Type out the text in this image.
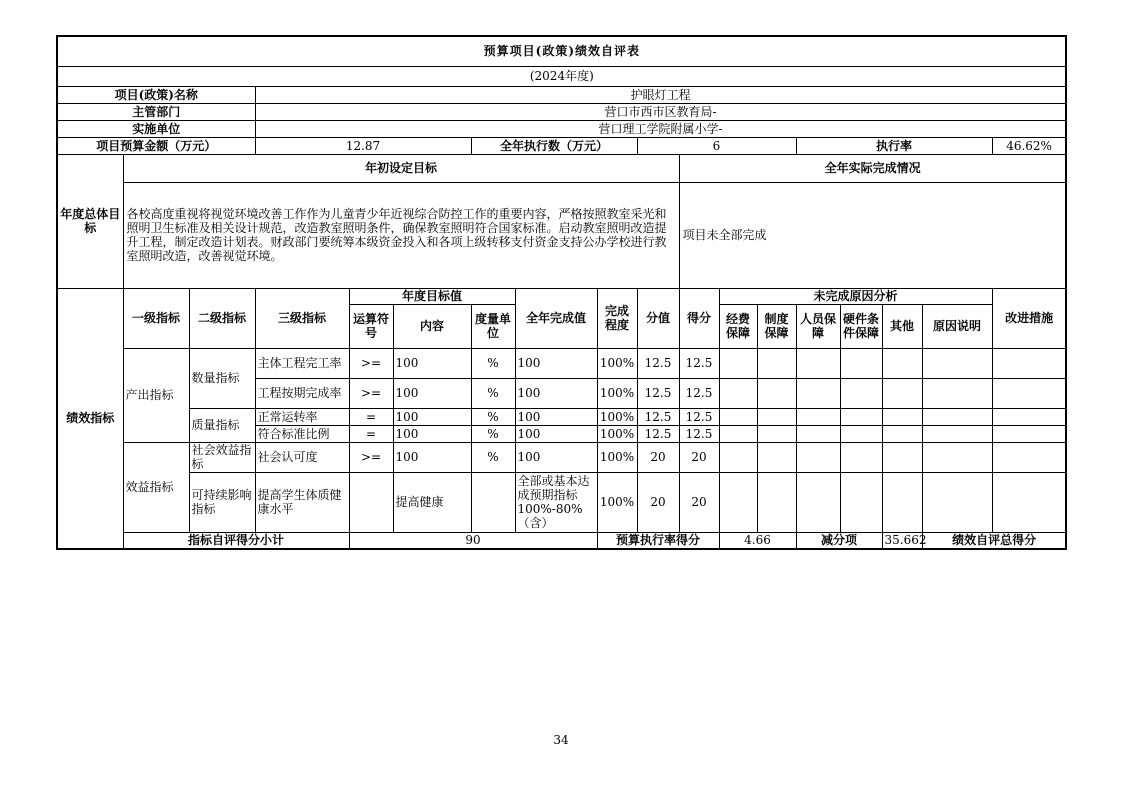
预算项目(政策)绩效自评表																		
(2024年度)																		
项目(政策)名称			护眼灯工程															
主管部门			营口市西市区教育局-															
实施单位			营口理工学院附属小学-															
项目预算金额（万元）			12.87			全年执行数（万元）			6				执行率				46.62%	
年度总体目标	年初设定目标									全年实际完成情况								
	各校高度重视将视觉环境改善工作作为儿童青少年近视综合防控工作的重要内容，严格按照教室采光和照明卫生标准及相关设计规范，改造教室照明条件，确保教室照明符合国家标准。启动教室照明改造提升工程，制定改造计划表。财政部门要统筹本级资金投入和各项上级转移支付资金支持公办学校进行教室照明改造，改善视觉环境。									项目未全部完成								
绩效指标	一级指标	二级指标	三级指标	年度目标值			全年完成值	完成程度	分值	得分	未完成原因分析						改进措施	
				运算符号	内容	度量单位					经费保障	制度保障	人员保障	硬件条件保障	其他	原因说明		
	产出指标	数量指标	主体工程完工率	>=	100	%	100	100%	12.5	12.5								
			工程按期完成率	>=	100	%	100	100%	12.5	12.5								
		质量指标	正常运转率	=	100	%	100	100%	12.5	12.5								
			符合标准比例	=	100	%	100	100%	12.5	12.5								
	效益指标	社会效益指标	社会认可度	>=	100	%	100	100%	20	20								
		可持续影响指标	提高学生体质健康水平		提高健康		全部或基本达成预期指标100%-80%（含）	100%	20	20								
	指标自评得分小计			90				预算执行率得分			4.66		减分项		35.662	绩效自评总得分	
34
